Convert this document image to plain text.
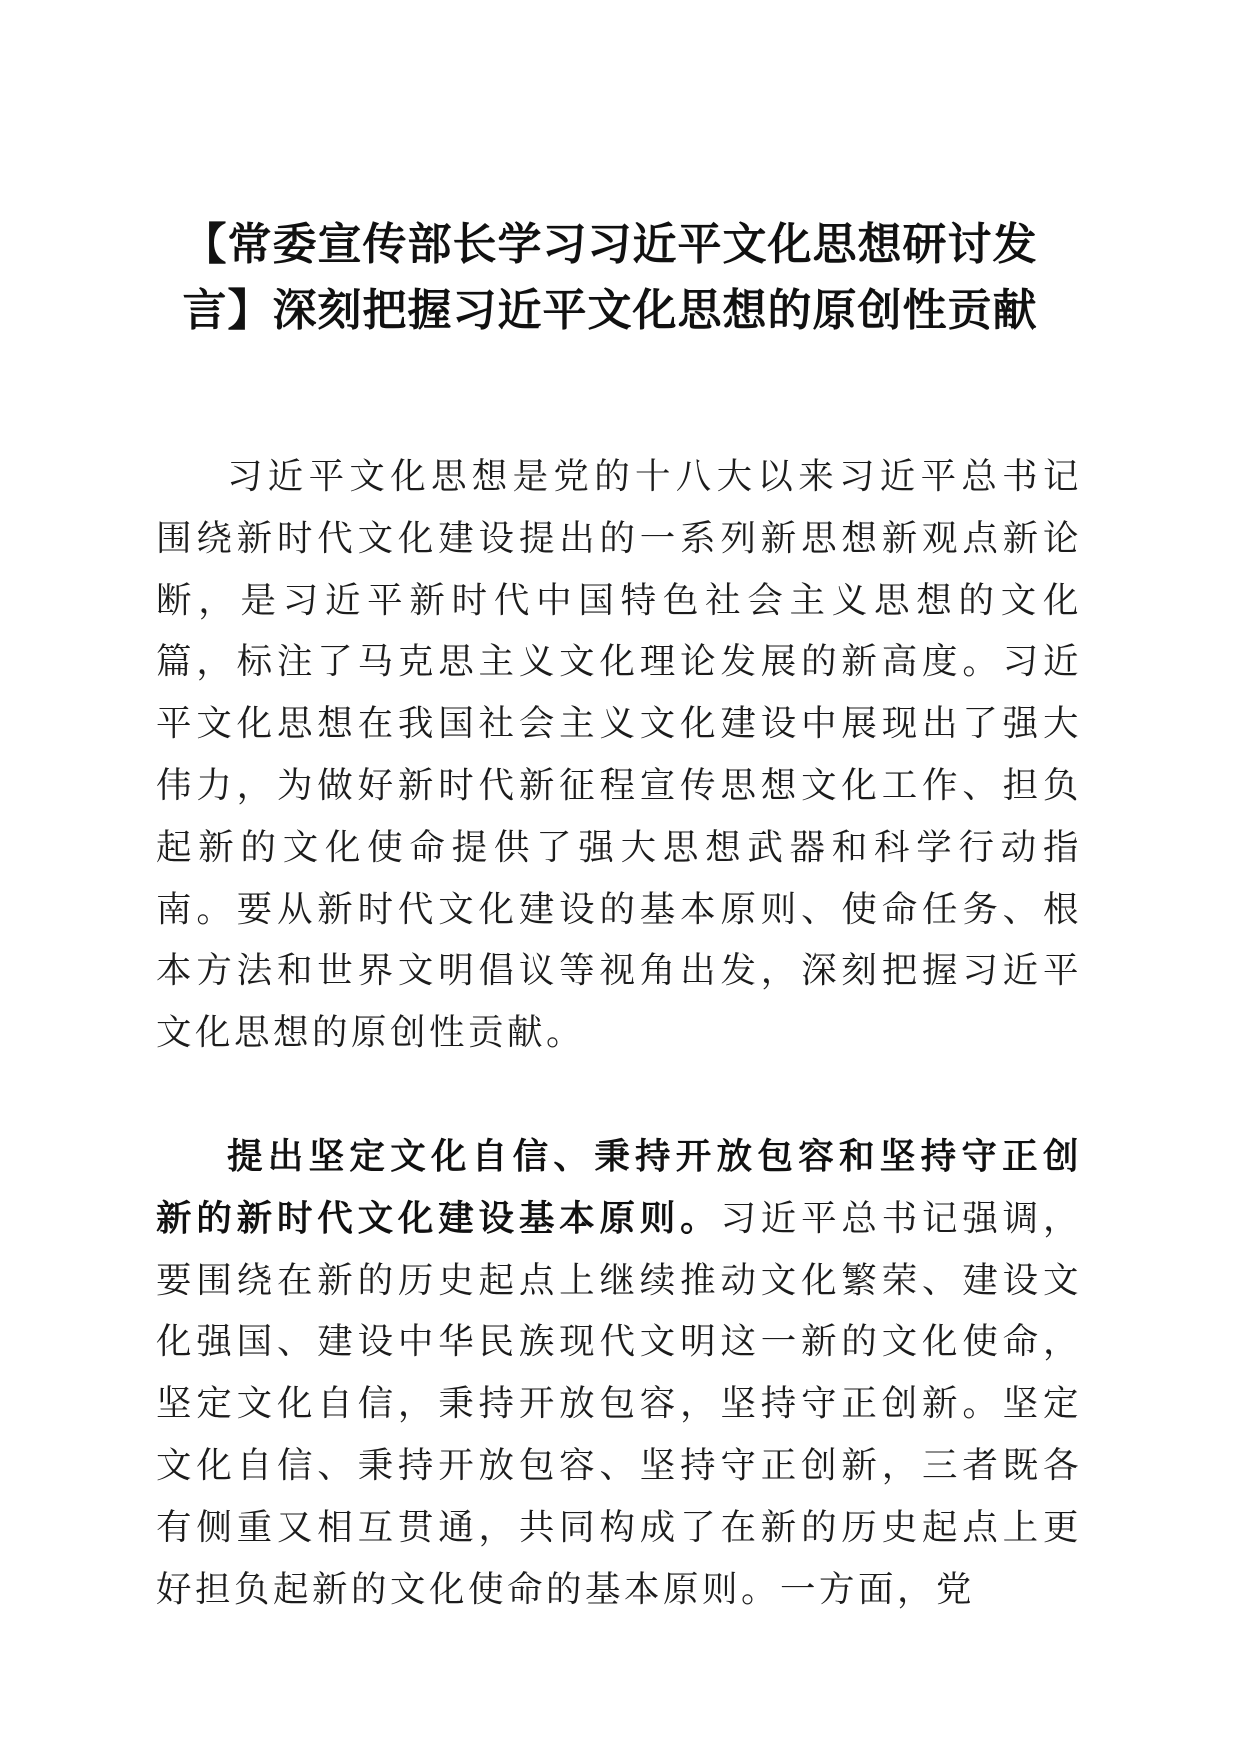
【常委宣传部长学习习近平文化思想研讨发言】深刻把握习近平文化思想的原创性贡献

习近平文化思想是党的十八大以来习近平总书记围绕新时代文化建设提出的一系列新思想新观点新论断，是习近平新时代中国特色社会主义思想的文化篇，标注了马克思主义文化理论发展的新高度。习近平文化思想在我国社会主义文化建设中展现出了强大伟力，为做好新时代新征程宣传思想文化工作、担负起新的文化使命提供了强大思想武器和科学行动指南。要从新时代文化建设的基本原则、使命任务、根本方法和世界文明倡议等视角出发，深刻把握习近平文化思想的原创性贡献。

提出坚定文化自信、秉持开放包容和坚持守正创新的新时代文化建设基本原则。习近平总书记强调，要围绕在新的历史起点上继续推动文化繁荣、建设文化强国、建设中华民族现代文明这一新的文化使命，坚定文化自信，秉持开放包容，坚持守正创新。坚定文化自信、秉持开放包容、坚持守正创新，三者既各有侧重又相互贯通，共同构成了在新的历史起点上更好担负起新的文化使命的基本原则。一方面，党
